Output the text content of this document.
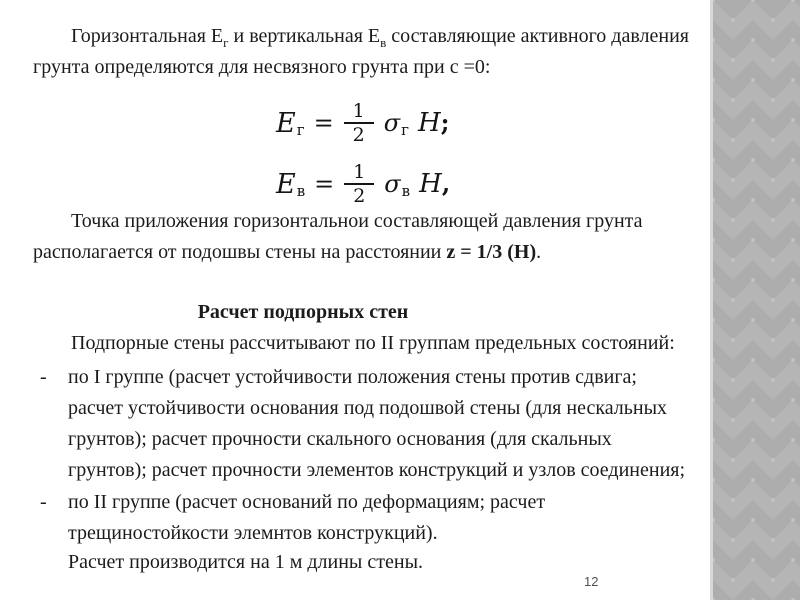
Горизонтальная $Е_г$ и вертикальная $Е_в$ составляющие активного давления
грунта определяются для несвязного грунта при с =0:
E г = 1
2 σ г H ;
E в = 1
2 σ в H ,
Точка приложения горизонтальнои составляющей давления грунта
располагается от подошвы стены на расстоянии z = 1/3 (Н).
Расчет подпорных стен
Подпорные стены рассчитывают по II группам предельных состояний:
-	по I группе (расчет устойчивости положения стены против сдвига;
расчет устойчивости основания под подошвой стены (для нескальных
грунтов); расчет прочности скального основания (для скальных
грунтов); расчет прочности элементов конструкций и узлов соединения;
-	по II группе (расчет оснований по деформациям; расчет
трещиностойкости элемнтов конструкций).
Расчет производится на 1 м длины стены.
12
